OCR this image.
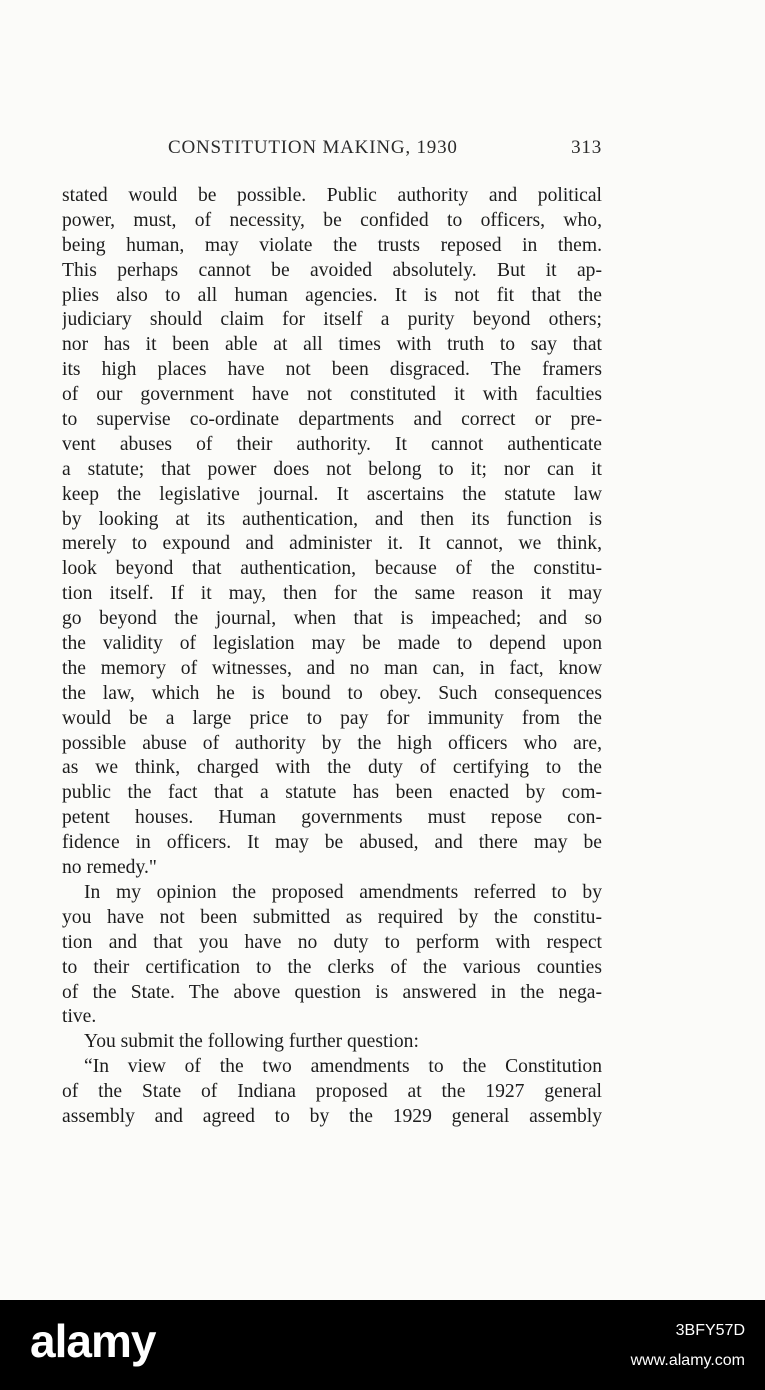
CONSTITUTION MAKING, 1930	313
stated would be possible. Public authority and political
power, must, of necessity, be confided to officers, who,
being human, may violate the trusts reposed in them.
This perhaps cannot be avoided absolutely. But it ap-
plies also to all human agencies. It is not fit that the
judiciary should claim for itself a purity beyond others;
nor has it been able at all times with truth to say that
its high places have not been disgraced. The framers
of our government have not constituted it with faculties
to supervise co-ordinate departments and correct or pre-
vent abuses of their authority. It cannot authenticate
a statute; that power does not belong to it; nor can it
keep the legislative journal. It ascertains the statute law
by looking at its authentication, and then its function is
merely to expound and administer it. It cannot, we think,
look beyond that authentication, because of the constitu-
tion itself. If it may, then for the same reason it may
go beyond the journal, when that is impeached; and so
the validity of legislation may be made to depend upon
the memory of witnesses, and no man can, in fact, know
the law, which he is bound to obey. Such consequences
would be a large price to pay for immunity from the
possible abuse of authority by the high officers who are,
as we think, charged with the duty of certifying to the
public the fact that a statute has been enacted by com-
petent houses. Human governments must repose con-
fidence in officers. It may be abused, and there may be
no remedy."
In my opinion the proposed amendments referred to by
you have not been submitted as required by the constitu-
tion and that you have no duty to perform with respect
to their certification to the clerks of the various counties
of the State. The above question is answered in the nega-
tive.
You submit the following further question:
“In view of the two amendments to the Constitution
of the State of Indiana proposed at the 1927 general
assembly and agreed to by the 1929 general assembly
alamy	3BFY57D
www.alamy.com
